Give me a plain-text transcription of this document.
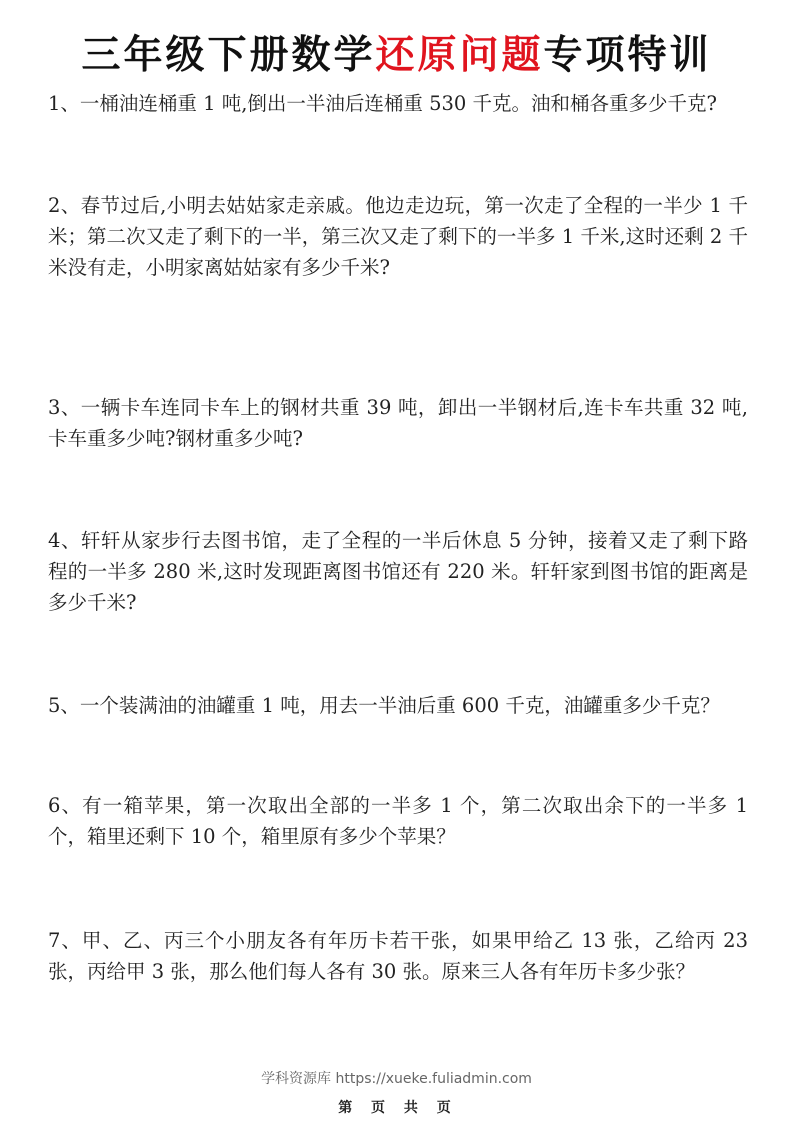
三年级下册数学还原问题专项特训
1、一桶油连桶重 1 吨,倒出一半油后连桶重 530 千克。油和桶各重多少千克?
2、春节过后,小明去姑姑家走亲戚。他边走边玩，第一次走了全程的一半少 1 千米；第二次又走了剩下的一半，第三次又走了剩下的一半多 1 千米,这时还剩 2 千米没有走，小明家离姑姑家有多少千米?
3、一辆卡车连同卡车上的钢材共重 39 吨，卸出一半钢材后,连卡车共重 32 吨,卡车重多少吨?钢材重多少吨?
4、轩轩从家步行去图书馆，走了全程的一半后休息 5 分钟，接着又走了剩下路程的一半多 280 米,这时发现距离图书馆还有 220 米。轩轩家到图书馆的距离是多少千米?
5、一个装满油的油罐重 1 吨，用去一半油后重 600 千克，油罐重多少千克？
6、有一箱苹果，第一次取出全部的一半多 1 个，第二次取出余下的一半多 1 个，箱里还剩下 10 个，箱里原有多少个苹果？
7、甲、乙、丙三个小朋友各有年历卡若干张，如果甲给乙 13 张，乙给丙 23 张，丙给甲 3 张，那么他们每人各有 30 张。原来三人各有年历卡多少张？
学科资源库 https://xueke.fuliadmin.com
第 页 共 页
